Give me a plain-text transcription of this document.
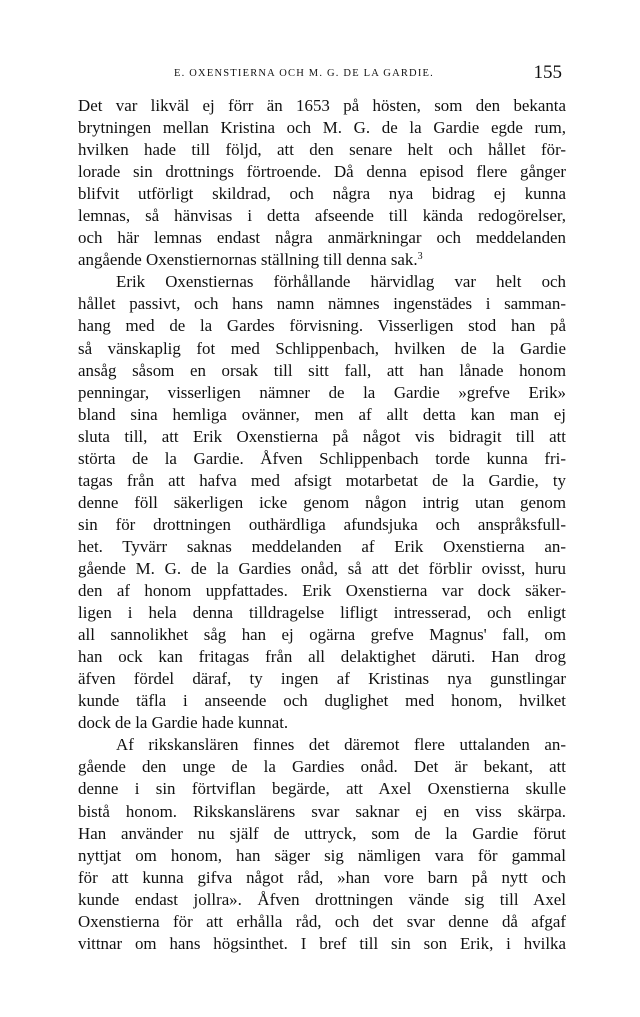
E. OXENSTIERNA OCH M. G. DE LA GARDIE.	155
Det var likväl ej förr än 1653 på hösten, som den bekanta
brytningen mellan Kristina och M. G. de la Gardie egde rum,
hvilken hade till följd, att den senare helt och hållet för-
lorade sin drottnings förtroende. Då denna episod flere gånger
blifvit utförligt skildrad, och några nya bidrag ej kunna
lemnas, så hänvisas i detta afseende till kända redogörelser,
och här lemnas endast några anmärkningar och meddelanden
angående Oxenstiernornas ställning till denna sak.$^3$
Erik Oxenstiernas förhållande härvidlag var helt och
hållet passivt, och hans namn nämnes ingenstädes i samman-
hang med de la Gardes förvisning. Visserligen stod han på
så vänskaplig fot med Schlippenbach, hvilken de la Gardie
ansåg såsom en orsak till sitt fall, att han lånade honom
penningar, visserligen nämner de la Gardie »grefve Erik»
bland sina hemliga ovänner, men af allt detta kan man ej
sluta till, att Erik Oxenstierna på något vis bidragit till att
störta de la Gardie. Åfven Schlippenbach torde kunna fri-
tagas från att hafva med afsigt motarbetat de la Gardie, ty
denne föll säkerligen icke genom någon intrig utan genom
sin för drottningen outhärdliga afundsjuka och anspråksfull-
het. Tyvärr saknas meddelanden af Erik Oxenstierna an-
gående M. G. de la Gardies onåd, så att det förblir ovisst, huru
den af honom uppfattades. Erik Oxenstierna var dock säker-
ligen i hela denna tilldragelse lifligt intresserad, och enligt
all sannolikhet såg han ej ogärna grefve Magnus' fall, om
han ock kan fritagas från all delaktighet däruti. Han drog
äfven fördel däraf, ty ingen af Kristinas nya gunstlingar
kunde täfla i anseende och duglighet med honom, hvilket
dock de la Gardie hade kunnat.
Af rikskanslären finnes det däremot flere uttalanden an-
gående den unge de la Gardies onåd. Det är bekant, att
denne i sin förtviflan begärde, att Axel Oxenstierna skulle
bistå honom. Rikskanslärens svar saknar ej en viss skärpa.
Han använder nu själf de uttryck, som de la Gardie förut
nyttjat om honom, han säger sig nämligen vara för gammal
för att kunna gifva något råd, »han vore barn på nytt och
kunde endast jollra». Åfven drottningen vände sig till Axel
Oxenstierna för att erhålla råd, och det svar denne då afgaf
vittnar om hans högsinthet. I bref till sin son Erik, i hvilka
